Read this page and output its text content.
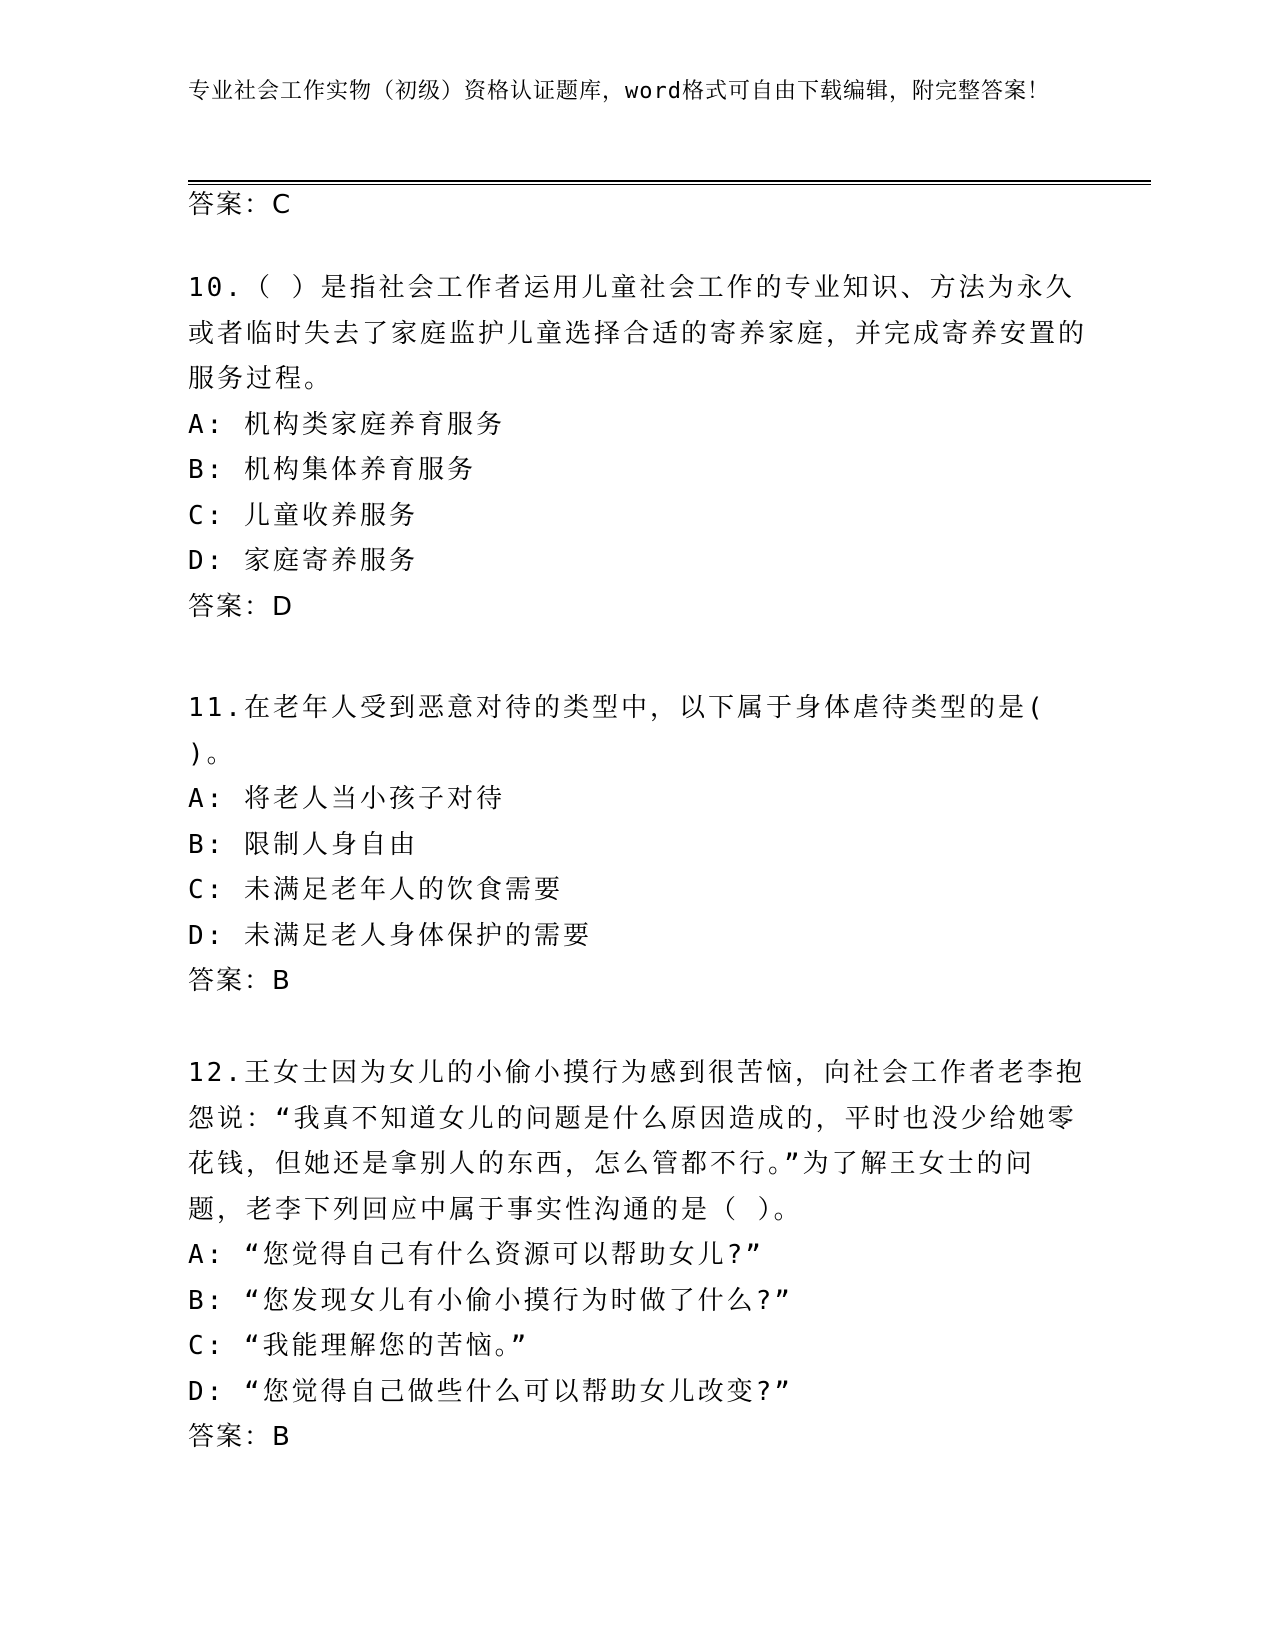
专业社会工作实物（初级）资格认证题库，word格式可自由下载编辑，附完整答案！
答案：C
10.（ ）是指社会工作者运用儿童社会工作的专业知识、方法为永久或者临时失去了家庭监护儿童选择合适的寄养家庭，并完成寄养安置的服务过程。
A: 机构类家庭养育服务
B: 机构集体养育服务
C: 儿童收养服务
D: 家庭寄养服务
答案：D
11.在老年人受到恶意对待的类型中，以下属于身体虐待类型的是( )。
A: 将老人当小孩子对待
B: 限制人身自由
C: 未满足老年人的饮食需要
D: 未满足老人身体保护的需要
答案：B
12.王女士因为女儿的小偷小摸行为感到很苦恼，向社会工作者老李抱怨说：“我真不知道女儿的问题是什么原因造成的，平时也没少给她零花钱，但她还是拿别人的东西，怎么管都不行。”为了解王女士的问题，老李下列回应中属于事实性沟通的是（ ）。
A: “您觉得自己有什么资源可以帮助女儿?”
B: “您发现女儿有小偷小摸行为时做了什么?”
C: “我能理解您的苦恼。”
D: “您觉得自己做些什么可以帮助女儿改变?”
答案：B
